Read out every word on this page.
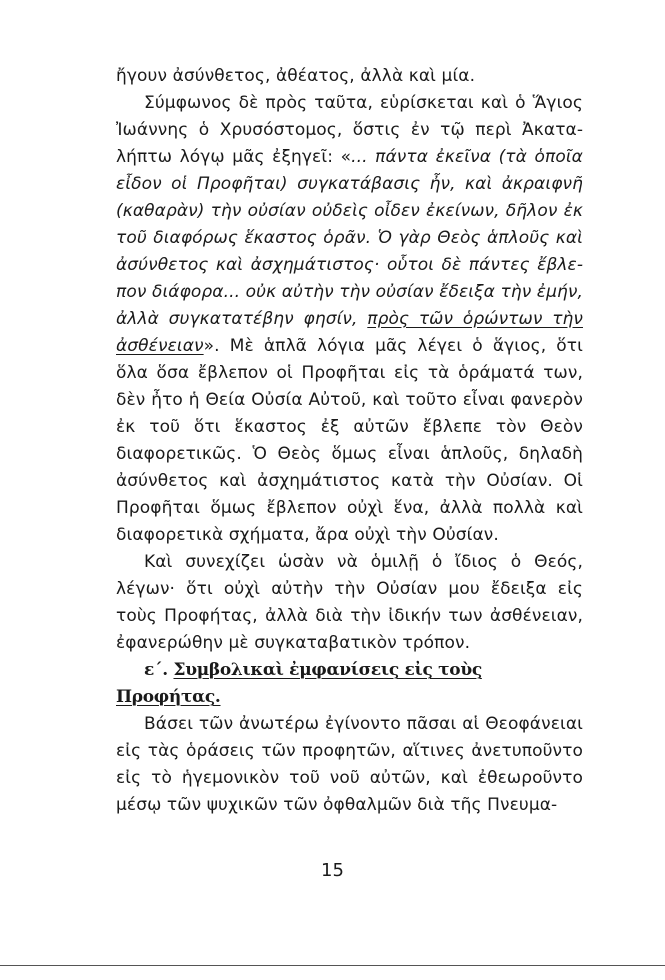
ἤγουν ἀσύνθετος, ἀθέατος, ἀλλὰ καὶ μία.

Σύμφωνος δὲ πρὸς ταῦτα, εὑρίσκεται καὶ ὁ Ἅγιος Ἰωάννης ὁ Χρυσόστομος, ὅστις ἐν τῷ περὶ Ἀκαταλήπτω λόγῳ μᾶς ἐξηγεῖ: «... πάντα ἐκεῖνα (τὰ ὁποῖα εἶδον οἱ Προφῆται) συγκατάβασις ἦν, καὶ ἀκραιφνῆ (καθαρὰν) τὴν οὐσίαν οὐδεὶς οἶδεν ἐκείνων, δῆλον ἐκ τοῦ διαφόρως ἕκαστος ὁρᾶν. Ὁ γὰρ Θεὸς ἁπλοῦς καὶ ἀσύνθετος καὶ ἀσχημάτιστος· οὗτοι δὲ πάντες ἔβλεπον διάφορα... οὐκ αὐτὴν τὴν οὐσίαν ἔδειξα τὴν ἐμήν, ἀλλὰ συγκατατέβην φησίν, πρὸς τῶν ὁρώντων τὴν ἀσθένειαν». Μὲ ἁπλᾶ λόγια μᾶς λέγει ὁ ἅγιος, ὅτι ὅλα ὅσα ἔβλεπον οἱ Προφῆται εἰς τὰ ὁράματά των, δὲν ἦτο ἡ Θεία Οὐσία Αὐτοῦ, καὶ τοῦτο εἶναι φανερὸν ἐκ τοῦ ὅτι ἕκαστος ἐξ αὐτῶν ἔβλεπε τὸν Θεὸν διαφορετικῶς. Ὁ Θεὸς ὅμως εἶναι ἁπλοῦς, δηλαδὴ ἀσύνθετος καὶ ἀσχημάτιστος κατὰ τὴν Οὐσίαν. Οἱ Προφῆται ὅμως ἔβλεπον οὐχὶ ἕνα, ἀλλὰ πολλὰ καὶ διαφορετικὰ σχήματα, ἄρα οὐχὶ τὴν Οὐσίαν.

Καὶ συνεχίζει ὡσὰν νὰ ὁμιλῇ ὁ ἴδιος ὁ Θεός, λέγων· ὅτι οὐχὶ αὐτὴν τὴν Οὐσίαν μου ἔδειξα εἰς τοὺς Προφήτας, ἀλλὰ διὰ τὴν ἰδικήν των ἀσθένειαν, ἐφανερώθην μὲ συγκαταβατικὸν τρόπον.

ε΄. Συμβολικαὶ ἐμφανίσεις εἰς τοὺς Προφήτας.

Βάσει τῶν ἀνωτέρω ἐγίνοντο πᾶσαι αἱ Θεοφάνειαι εἰς τὰς ὁράσεις τῶν προφητῶν, αἵτινες ἀνετυποῦντο εἰς τὸ ἡγεμονικὸν τοῦ νοῦ αὐτῶν, καὶ ἐθεωροῦντο μέσῳ τῶν ψυχικῶν τῶν ὀφθαλμῶν διὰ τῆς Πνευμα-

15
